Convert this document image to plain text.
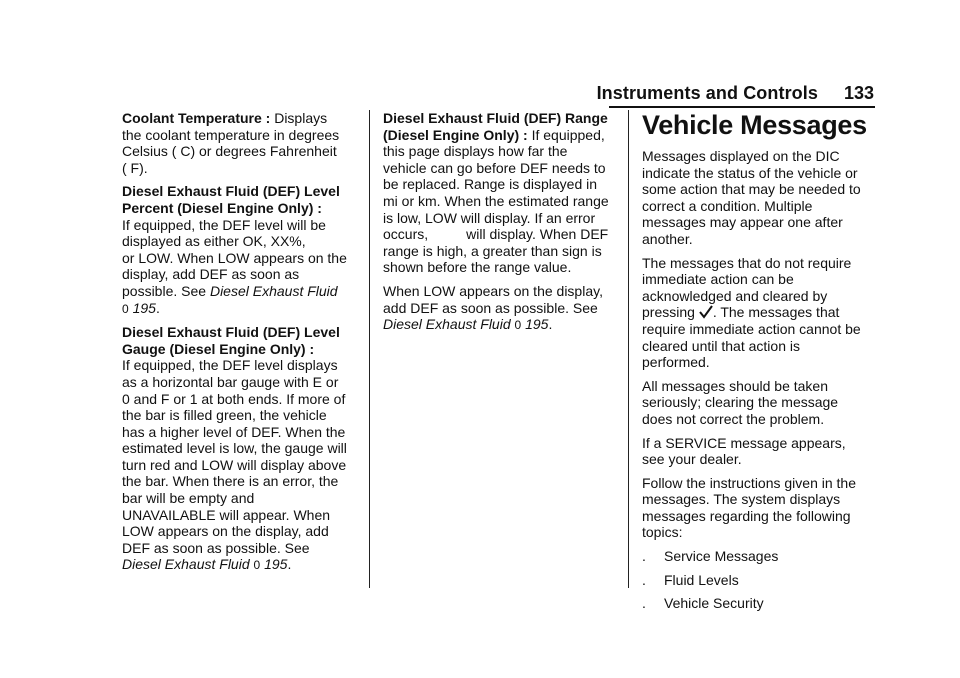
Instruments and Controls 133

Coolant Temperature : Displays
the coolant temperature in degrees
Celsius ( C) or degrees Fahrenheit
( F).

Diesel Exhaust Fluid (DEF) Level
Percent (Diesel Engine Only) :
If equipped, the DEF level will be
displayed as either OK, XX%,
or LOW. When LOW appears on the
display, add DEF as soon as
possible. See Diesel Exhaust Fluid
0 195.

Diesel Exhaust Fluid (DEF) Level
Gauge (Diesel Engine Only) :
If equipped, the DEF level displays
as a horizontal bar gauge with E or
0 and F or 1 at both ends. If more of
the bar is filled green, the vehicle
has a higher level of DEF. When the
estimated level is low, the gauge will
turn red and LOW will display above
the bar. When there is an error, the
bar will be empty and
UNAVAILABLE will appear. When
LOW appears on the display, add
DEF as soon as possible. See
Diesel Exhaust Fluid 0 195.

Diesel Exhaust Fluid (DEF) Range
(Diesel Engine Only) : If equipped,
this page displays how far the
vehicle can go before DEF needs to
be replaced. Range is displayed in
mi or km. When the estimated range
is low, LOW will display. If an error
occurs,	will display. When DEF
range is high, a greater than sign is
shown before the range value.

When LOW appears on the display,
add DEF as soon as possible. See
Diesel Exhaust Fluid 0 195.

Vehicle Messages

Messages displayed on the DIC
indicate the status of the vehicle or
some action that may be needed to
correct a condition. Multiple
messages may appear one after
another.

The messages that do not require
immediate action can be
acknowledged and cleared by
pressing . The messages that
require immediate action cannot be
cleared until that action is
performed.

All messages should be taken
seriously; clearing the message
does not correct the problem.

If a SERVICE message appears,
see your dealer.

Follow the instructions given in the
messages. The system displays
messages regarding the following
topics:

. Service Messages
. Fluid Levels
. Vehicle Security
